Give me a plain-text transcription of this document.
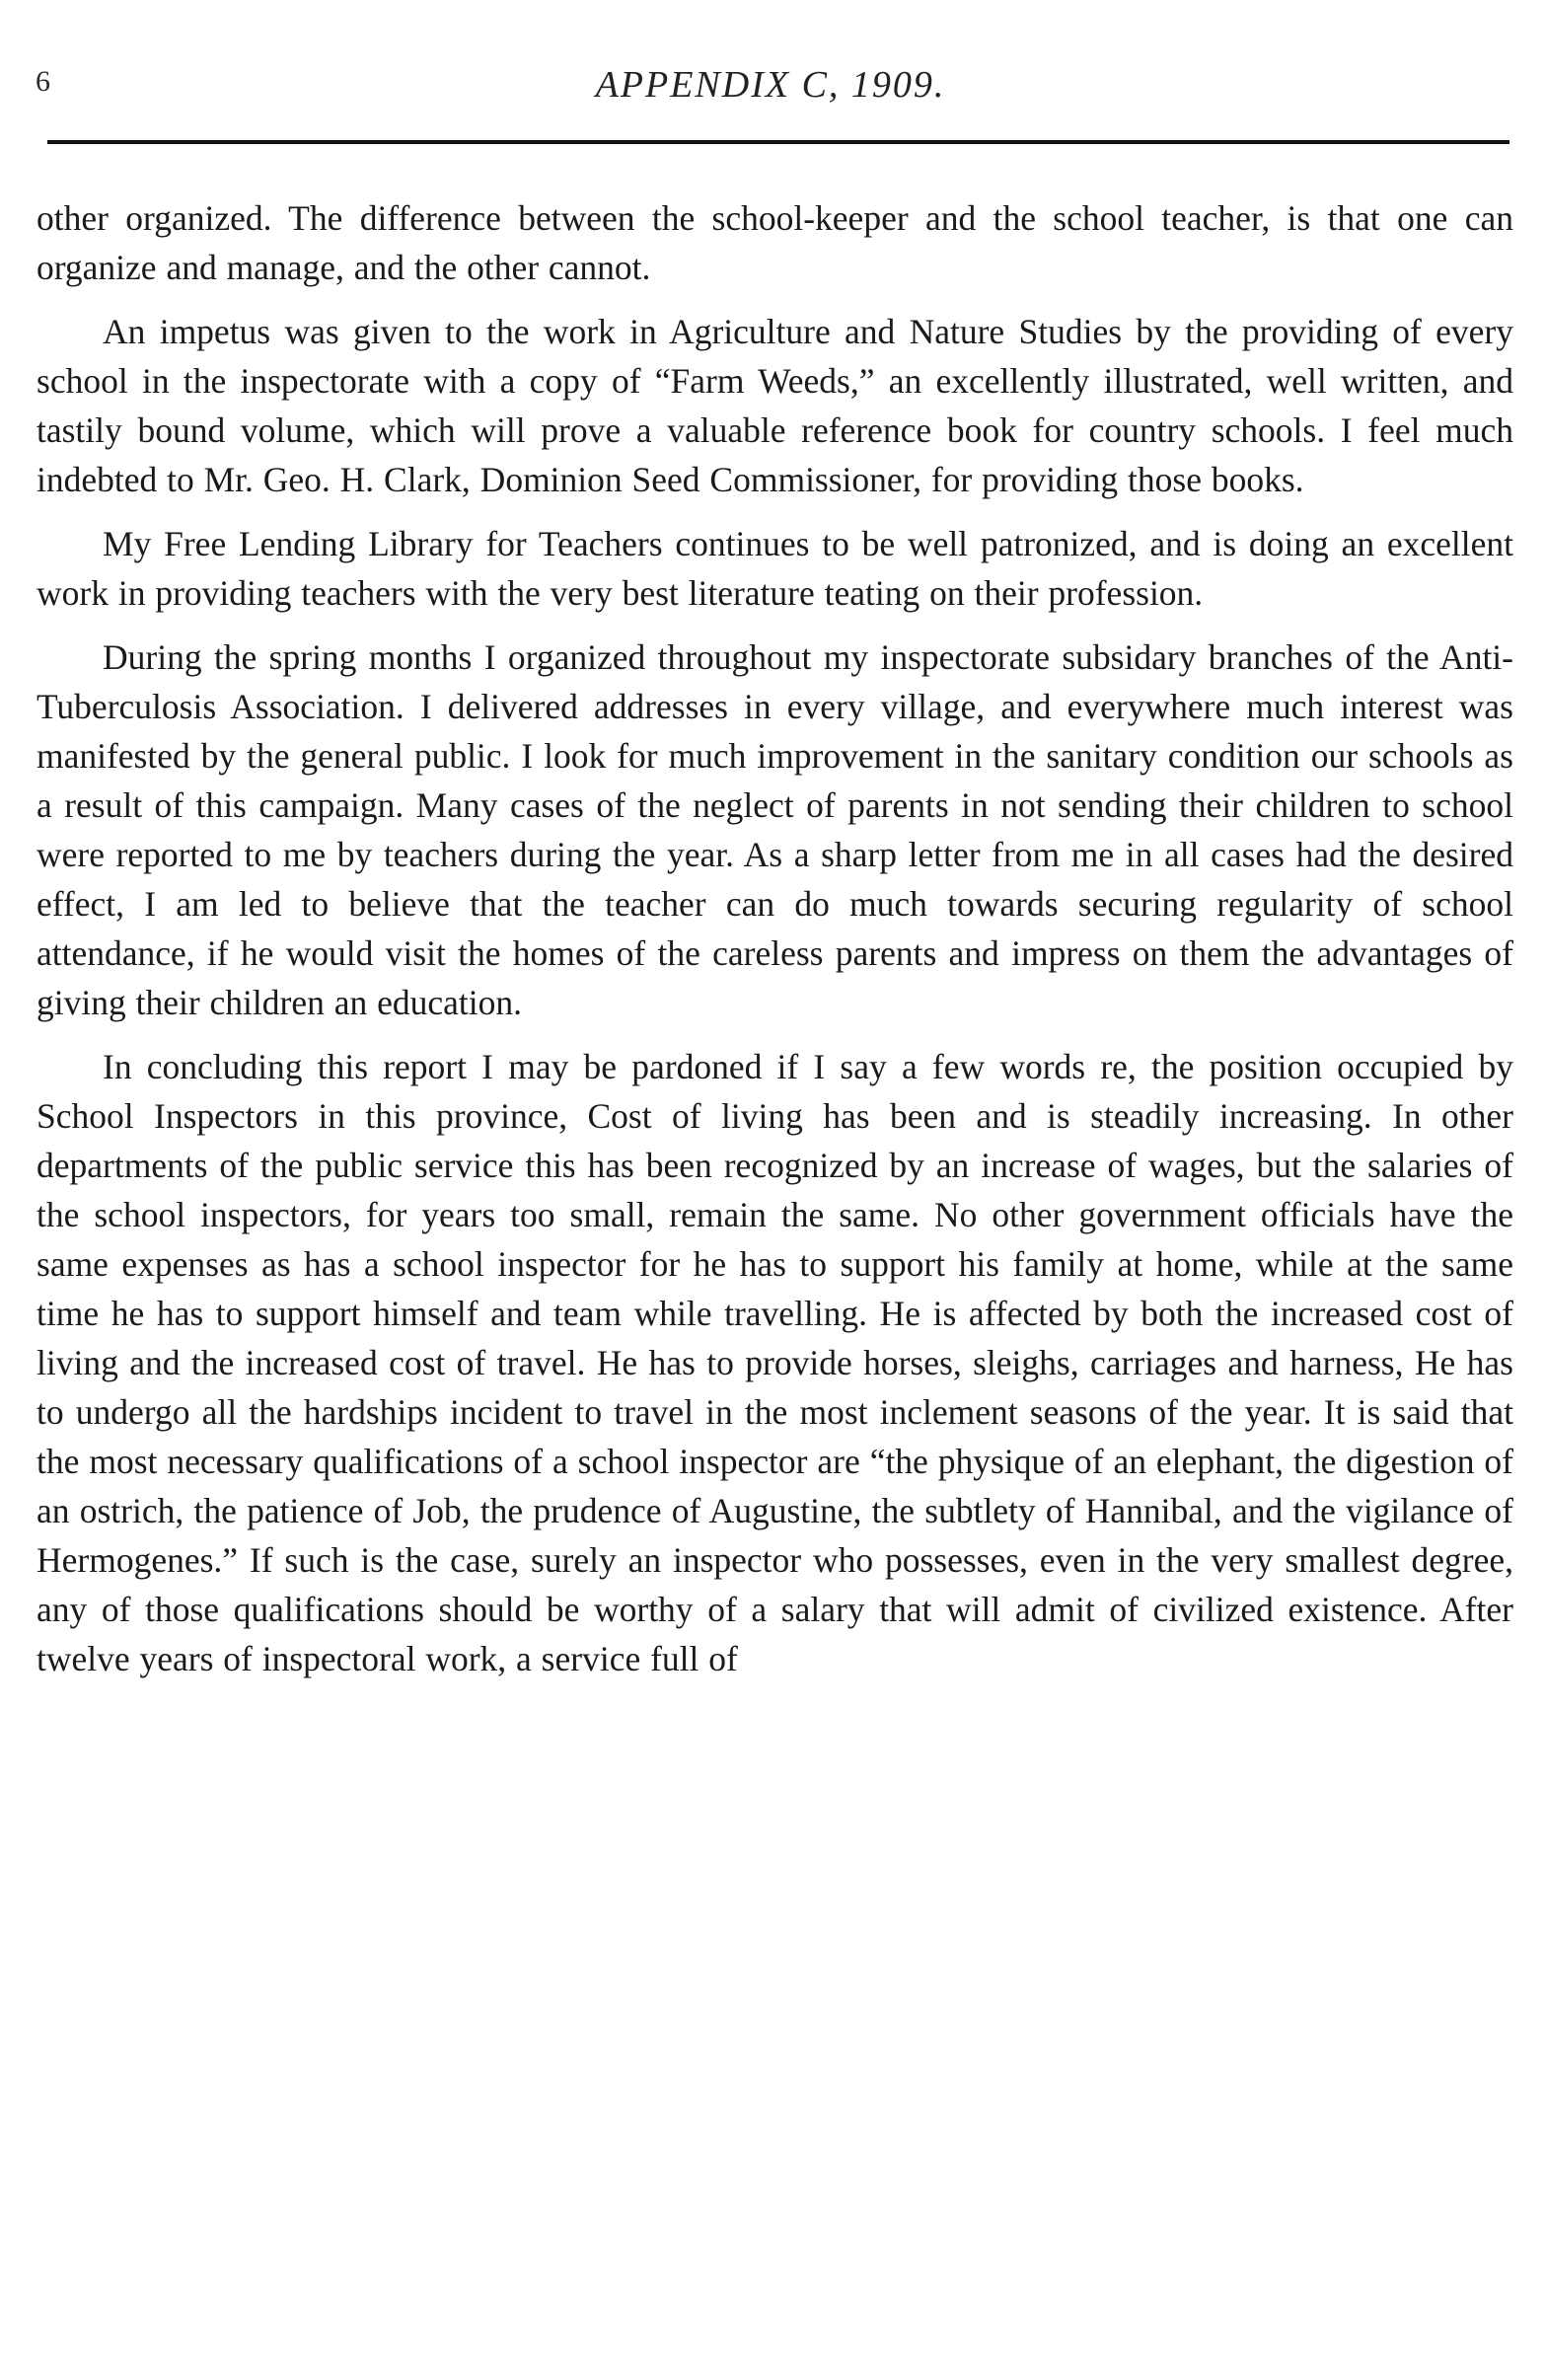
6	APPENDIX C, 1909.

other organized. The difference between the school-keeper and the school teacher, is that one can organize and manage, and the other cannot.

An impetus was given to the work in Agriculture and Nature Studies by the providing of every school in the inspectorate with a copy of “Farm Weeds,” an excellently illustrated, well written, and tastily bound volume, which will prove a valuable reference book for country schools. I feel much indebted to Mr. Geo. H. Clark, Dominion Seed Commissioner, for providing those books.

My Free Lending Library for Teachers continues to be well patronized, and is doing an excellent work in providing teachers with the very best literature teating on their profession.

During the spring months I organized throughout my inspectorate subsidary branches of the Anti-Tuberculosis Association. I delivered addresses in every village, and everywhere much interest was manifested by the general public. I look for much improvement in the sanitary condition our schools as a result of this campaign. Many cases of the neglect of parents in not sending their children to school were reported to me by teachers during the year. As a sharp letter from me in all cases had the desired effect, I am led to believe that the teacher can do much towards securing regularity of school attendance, if he would visit the homes of the careless parents and impress on them the advantages of giving their children an education.

In concluding this report I may be pardoned if I say a few words re, the position occupied by School Inspectors in this province, Cost of living has been and is steadily increasing. In other departments of the public service this has been recognized by an increase of wages, but the salaries of the school inspectors, for years too small, remain the same. No other government officials have the same expenses as has a school inspector for he has to support his family at home, while at the same time he has to support himself and team while travelling. He is affected by both the increased cost of living and the increased cost of travel. He has to provide horses, sleighs, carriages and harness, He has to undergo all the hardships incident to travel in the most inclement seasons of the year. It is said that the most necessary qualifications of a school inspector are “the physique of an elephant, the digestion of an ostrich, the patience of Job, the prudence of Augustine, the subtlety of Hannibal, and the vigilance of Hermogenes.” If such is the case, surely an inspector who possesses, even in the very smallest degree, any of those qualifications should be worthy of a salary that will admit of civilized existence. After twelve years of inspectoral work, a service full of
